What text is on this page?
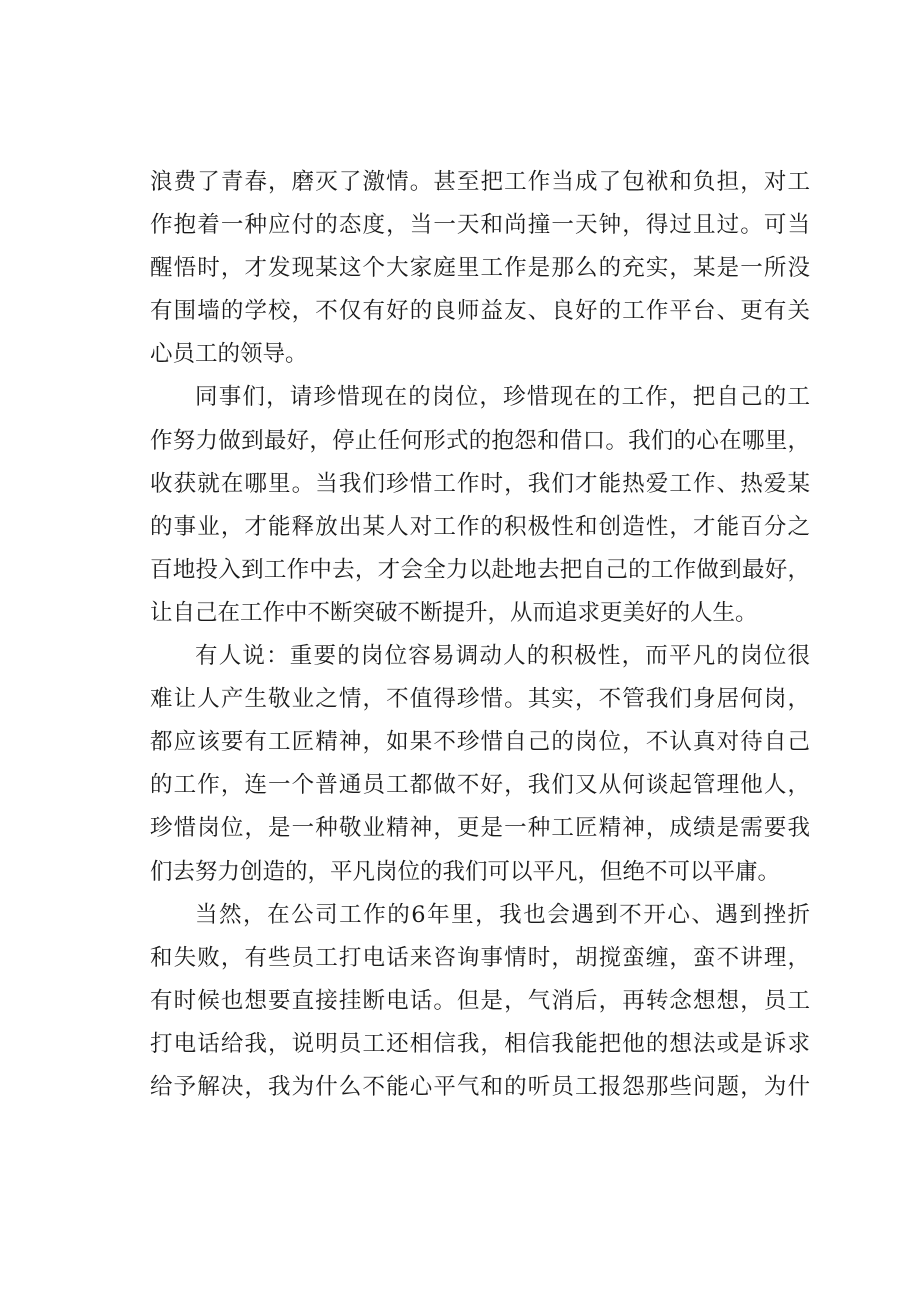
浪费了青春，磨灭了激情。甚至把工作当成了包袱和负担，对工
作抱着一种应付的态度，当一天和尚撞一天钟，得过且过。可当
醒悟时，才发现某这个大家庭里工作是那么的充实，某是一所没
有围墙的学校，不仅有好的良师益友、良好的工作平台、更有关
心员工的领导。
同事们，请珍惜现在的岗位，珍惜现在的工作，把自己的工
作努力做到最好，停止任何形式的抱怨和借口。我们的心在哪里，
收获就在哪里。当我们珍惜工作时，我们才能热爱工作、热爱某
的事业，才能释放出某人对工作的积极性和创造性，才能百分之
百地投入到工作中去，才会全力以赴地去把自己的工作做到最好，
让自己在工作中不断突破不断提升，从而追求更美好的人生。
有人说：重要的岗位容易调动人的积极性，而平凡的岗位很
难让人产生敬业之情，不值得珍惜。其实，不管我们身居何岗，
都应该要有工匠精神，如果不珍惜自己的岗位，不认真对待自己
的工作，连一个普通员工都做不好，我们又从何谈起管理他人，
珍惜岗位，是一种敬业精神，更是一种工匠精神，成绩是需要我
们去努力创造的，平凡岗位的我们可以平凡，但绝不可以平庸。
当然，在公司工作的6年里，我也会遇到不开心、遇到挫折
和失败，有些员工打电话来咨询事情时，胡搅蛮缠，蛮不讲理，
有时候也想要直接挂断电话。但是，气消后，再转念想想，员工
打电话给我，说明员工还相信我，相信我能把他的想法或是诉求
给予解决，我为什么不能心平气和的听员工报怨那些问题，为什
